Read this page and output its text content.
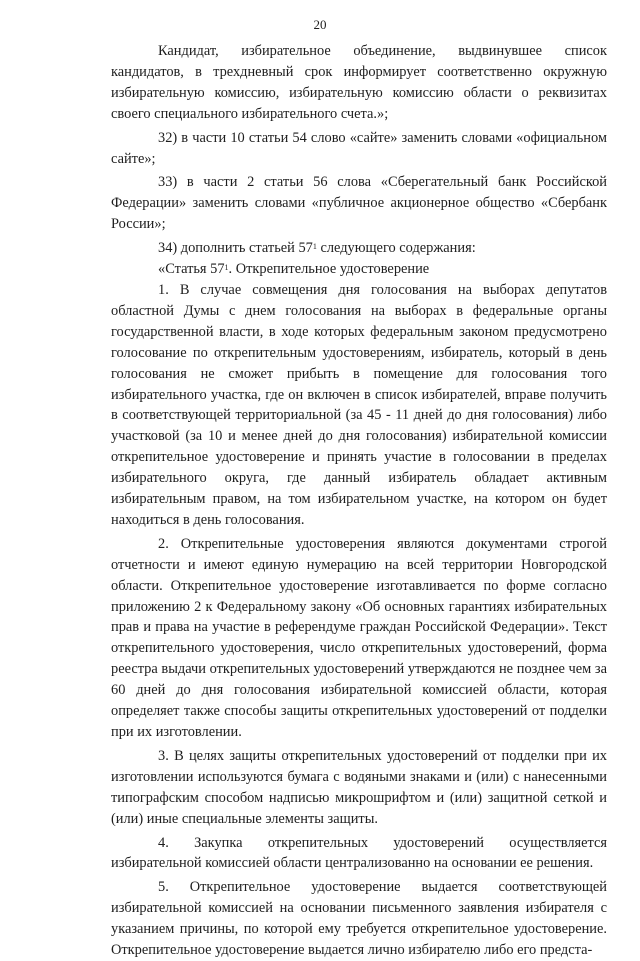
20

Кандидат, избирательное объединение, выдвинувшее список кандидатов, в трехдневный срок информирует соответственно окружную избирательную комиссию, избирательную комиссию области о реквизитах своего специального избирательного счета.»;

32) в части 10 статьи 54 слово «сайте» заменить словами «официальном сайте»;

33) в части 2 статьи 56 слова «Сберегательный банк Российской Федерации» заменить словами «публичное акционерное общество «Сбербанк России»;

34) дополнить статьей $57^1$ следующего содержания:

«Статья $57^1$. Открепительное удостоверение

1. В случае совмещения дня голосования на выборах депутатов областной Думы с днем голосования на выборах в федеральные органы государственной власти, в ходе которых федеральным законом предусмотрено голосование по открепительным удостоверениям, избиратель, который в день голосования не сможет прибыть в помещение для голосования того избирательного участка, где он включен в список избирателей, вправе получить в соответствующей территориальной (за 45 - 11 дней до дня голосования) либо участковой (за 10 и менее дней до дня голосования) избирательной комиссии открепительное удостоверение и принять участие в голосовании в пределах избирательного округа, где данный избиратель обладает активным избирательным правом, на том избирательном участке, на котором он будет находиться в день голосования.

2. Открепительные удостоверения являются документами строгой отчетности и имеют единую нумерацию на всей территории Новгородской области. Открепительное удостоверение изготавливается по форме согласно приложению 2 к Федеральному закону «Об основных гарантиях избирательных прав и права на участие в референдуме граждан Российской Федерации». Текст открепительного удостоверения, число открепительных удостоверений, форма реестра выдачи открепительных удостоверений утверждаются не позднее чем за 60 дней до дня голосования избирательной комиссией области, которая определяет также способы защиты открепительных удостоверений от подделки при их изготовлении.

3. В целях защиты открепительных удостоверений от подделки при их изготовлении используются бумага с водяными знаками и (или) с нанесенными типографским способом надписью микрошрифтом и (или) защитной сеткой и (или) иные специальные элементы защиты.

4. Закупка открепительных удостоверений осуществляется избирательной комиссией области централизованно на основании ее решения.

5. Открепительное удостоверение выдается соответствующей избирательной комиссией на основании письменного заявления избирателя с указанием причины, по которой ему требуется открепительное удостоверение. Открепительное удостоверение выдается лично избирателю либо его предста-
